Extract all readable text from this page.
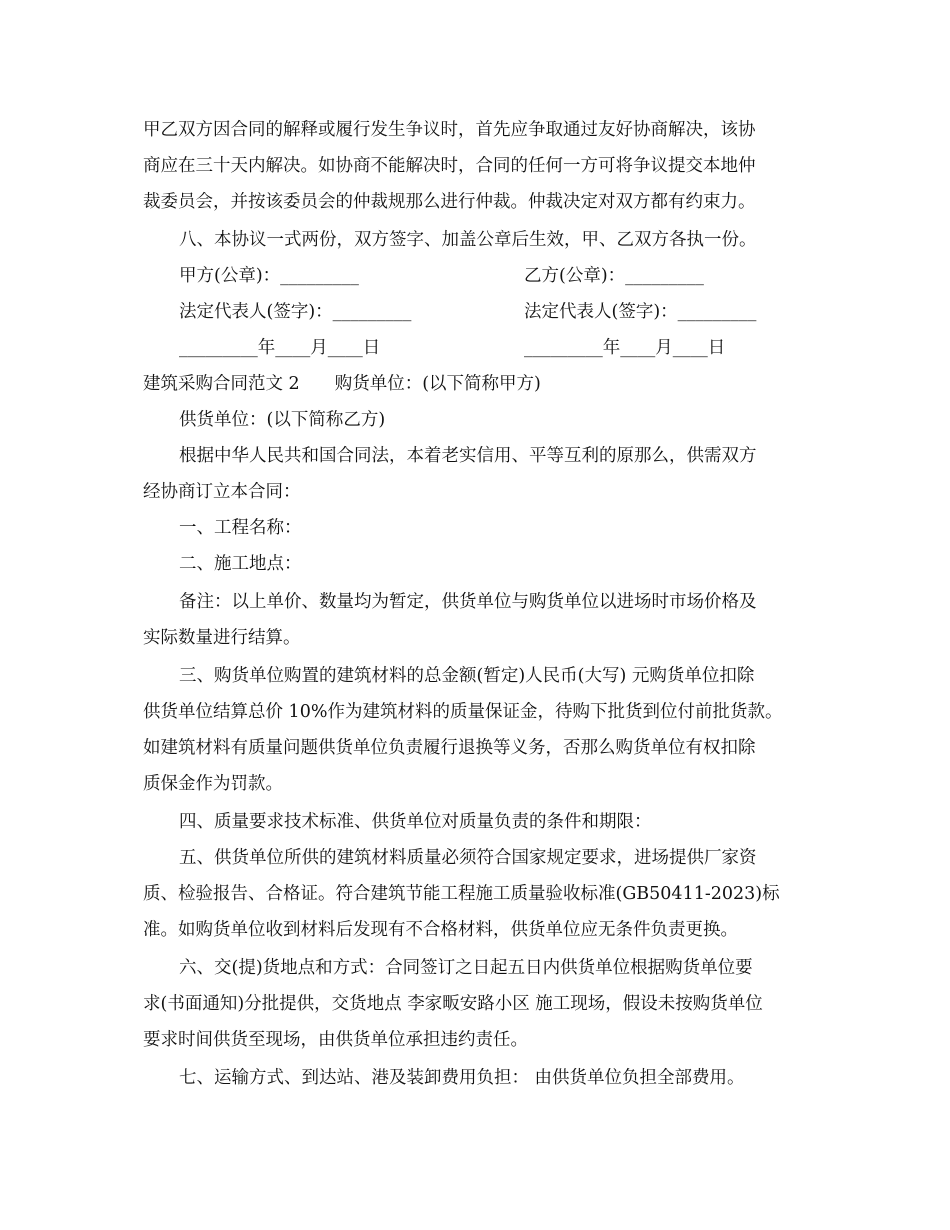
甲乙双方因合同的解释或履行发生争议时，首先应争取通过友好协商解决，该协
商应在三十天内解决。如协商不能解决时，合同的任何一方可将争议提交本地仲
裁委员会，并按该委员会的仲裁规那么进行仲裁。仲裁决定对双方都有约束力。
八、本协议一式两份，双方签字、加盖公章后生效，甲、乙双方各执一份。
甲方(公章)：_________	乙方(公章)：_________
法定代表人(签字)：_________	法定代表人(签字)：_________
_________年____月____日	_________年____月____日
建筑采购合同范文 2　　购货单位：(以下简称甲方)
供货单位：(以下简称乙方)
根据中华人民共和国合同法，本着老实信用、平等互利的原那么，供需双方
经协商订立本合同：
一、工程名称：
二、施工地点：
备注：以上单价、数量均为暂定，供货单位与购货单位以进场时市场价格及
实际数量进行结算。
三、购货单位购置的建筑材料的总金额(暂定)人民币(大写) 元购货单位扣除
供货单位结算总价 10%作为建筑材料的质量保证金，待购下批货到位付前批货款。
如建筑材料有质量问题供货单位负责履行退换等义务，否那么购货单位有权扣除
质保金作为罚款。
四、质量要求技术标准、供货单位对质量负责的条件和期限：
五、供货单位所供的建筑材料质量必须符合国家规定要求，进场提供厂家资
质、检验报告、合格证。符合建筑节能工程施工质量验收标准(GB50411-2023)标
准。如购货单位收到材料后发现有不合格材料，供货单位应无条件负责更换。
六、交(提)货地点和方式：合同签订之日起五日内供货单位根据购货单位要
求(书面通知)分批提供，交货地点 李家畈安路小区 施工现场，假设未按购货单位
要求时间供货至现场，由供货单位承担违约责任。
七、运输方式、到达站、港及装卸费用负担： 由供货单位负担全部费用。
